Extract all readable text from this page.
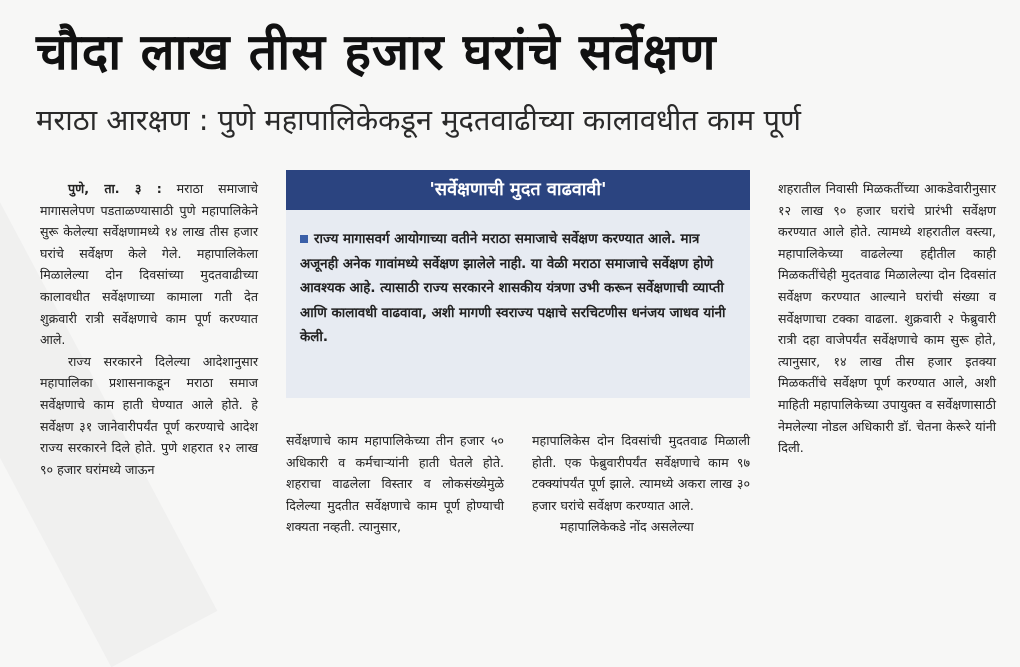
चौदा लाख तीस हजार घरांचे सर्वेक्षण
मराठा आरक्षण : पुणे महापालिकेकडून मुदतवाढीच्या कालावधीत काम पूर्ण

पुणे, ता. ३ : मराठा समाजाचे मागासलेपण पडताळण्यासाठी पुणे महापालिकेने सुरू केलेल्या सर्वेक्षणामध्ये १४ लाख तीस हजार घरांचे सर्वेक्षण केले गेले. महापालिकेला मिळालेल्या दोन दिवसांच्या मुदतवाढीच्या कालावधीत सर्वेक्षणाच्या कामाला गती देत शुक्रवारी रात्री सर्वेक्षणाचे काम पूर्ण करण्यात आले.

राज्य सरकारने दिलेल्या आदेशानुसार महापालिका प्रशासनाकडून मराठा समाज सर्वेक्षणाचे काम हाती घेण्यात आले होते. हे सर्वेक्षण ३१ जानेवारीपर्यंत पूर्ण करण्याचे आदेश राज्य सरकारने दिले होते. पुणे शहरात १२ लाख ९० हजार घरांमध्ये जाऊन

'सर्वेक्षणाची मुदत वाढवावी'
राज्य मागासवर्ग आयोगाच्या वतीने मराठा समाजाचे सर्वेक्षण करण्यात आले. मात्र अजूनही अनेक गावांमध्ये सर्वेक्षण झालेले नाही. या वेळी मराठा समाजाचे सर्वेक्षण होणे आवश्यक आहे. त्यासाठी राज्य सरकारने शासकीय यंत्रणा उभी करून सर्वेक्षणाची व्याप्ती आणि कालावधी वाढवावा, अशी मागणी स्वराज्य पक्षाचे सरचिटणीस धनंजय जाधव यांनी केली.

सर्वेक्षणाचे काम महापालिकेच्या तीन हजार ५० अधिकारी व कर्मचाऱ्यांनी हाती घेतले होते. शहराचा वाढलेला विस्तार व लोकसंख्येमुळे दिलेल्या मुदतीत सर्वेक्षणाचे काम पूर्ण होण्याची शक्यता नव्हती. त्यानुसार,

महापालिकेस दोन दिवसांची मुदतवाढ मिळाली होती. एक फेब्रुवारीपर्यंत सर्वेक्षणाचे काम ९७ टक्क्यांपर्यंत पूर्ण झाले. त्यामध्ये अकरा लाख ३० हजार घरांचे सर्वेक्षण करण्यात आले.

महापालिकेकडे नोंद असलेल्या

शहरातील निवासी मिळकतींच्या आकडेवारीनुसार १२ लाख ९० हजार घरांचे प्रारंभी सर्वेक्षण करण्यात आले होते. त्यामध्ये शहरातील वस्त्या, महापालिकेच्या वाढलेल्या हद्दीतील काही मिळकतींचेही मुदतवाढ मिळालेल्या दोन दिवसांत सर्वेक्षण करण्यात आल्याने घरांची संख्या व सर्वेक्षणाचा टक्का वाढला. शुक्रवारी २ फेब्रुवारी रात्री दहा वाजेपर्यंत सर्वेक्षणाचे काम सुरू होते, त्यानुसार, १४ लाख तीस हजार इतक्या मिळकतींचे सर्वेक्षण पूर्ण करण्यात आले, अशी माहिती महापालिकेच्या उपायुक्त व सर्वेक्षणासाठी नेमलेल्या नोडल अधिकारी डॉ. चेतना केरूरे यांनी दिली.
